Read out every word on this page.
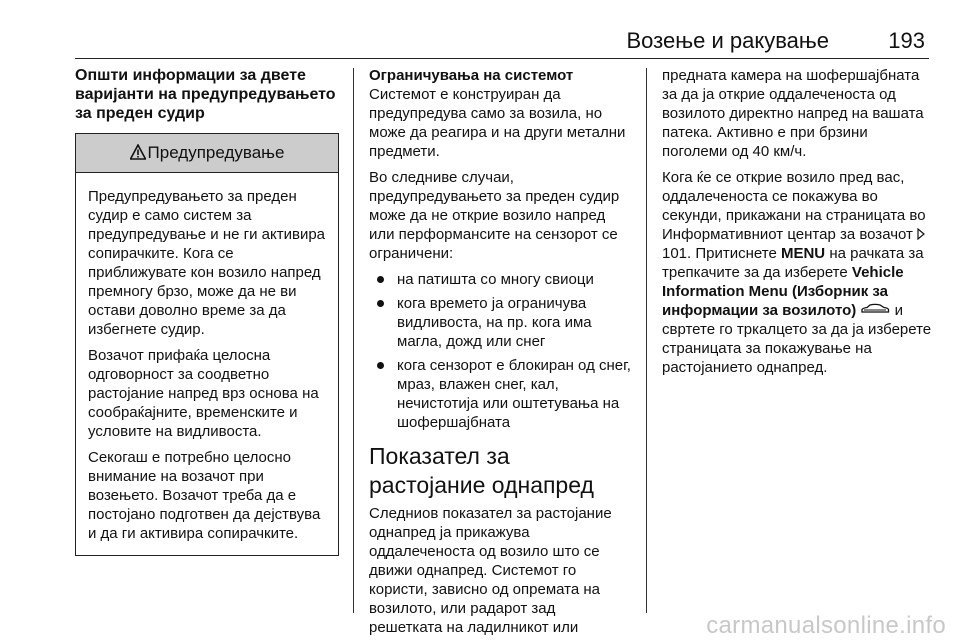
Возење и ракување	193
Општи информации за двете варијанти на предупредувањето за преден судир
Предупредување

Предупредувањето за преден судир е само систем за предупредување и не ги активира сопирачките. Кога се приближувате кон возило напред премногу брзо, може да не ви остави доволно време за да избегнете судир.

Возачот прифаќа целосна одговорност за соодветно растојание напред врз основа на сообраќајните, временските и условите на видливоста.

Секогаш е потребно целосно внимание на возачот при возењето. Возачот треба да е постојано подготвен да дејствува и да ги активира сопирачките.

Ограничувања на системот

Системот е конструиран да предупредува само за возила, но може да реагира и на други метални предмети.

Во следниве случаи, предупредувањето за преден судир може да не открие возило напред или перформансите на сензорот се ограничени:

на патишта со многу свиоци
кога времето ја ограничува видливоста, на пр. кога има магла, дожд или снег
кога сензорот е блокиран од снег, мраз, влажен снег, кал, нечистотија или оштетувања на шофершајбната
Показател за растојание однапред

Следниов показател за растојание однапред ја прикажува оддалеченоста од возило што се движи однапред. Системот го користи, зависно од опремата на возилото, или радарот зад решетката на ладилникот или

предната камера на шофершајбната за да ја открие оддалеченоста од возилото директно напред на вашата патека. Активно е при брзини поголеми од 40 км/ч.

Кога ќе се открие возило пред вас, оддалеченоста се покажува во секунди, прикажани на страницата во Информативниот центар за возачот  101. Притиснете MENU на рачката за трепкачите за да изберете Vehicle Information Menu (Изборник за информации за возилото)	и свртете го тркалцето за да ја изберете страницата за покажување на растојанието однапред.

carmanualsonline.info
